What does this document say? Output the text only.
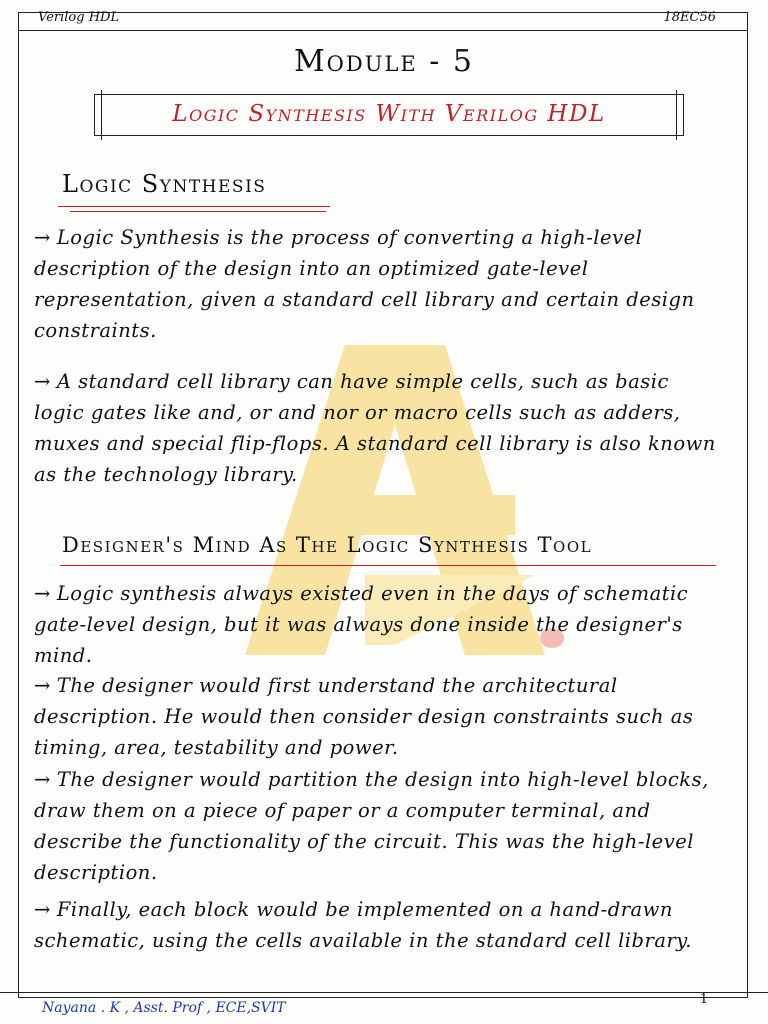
Verilog HDL	18EC56
Module - 5
Logic Synthesis With Verilog HDL
Logic Synthesis
→ Logic Synthesis is the process of converting a high-level description of the design into an optimized gate-level representation, given a standard cell library and certain design constraints.
→ A standard cell library can have simple cells, such as basic logic gates like and, or and nor or macro cells such as adders, muxes and special flip-flops. A standard cell library is also known as the technology library.
Designer's Mind As The Logic Synthesis Tool
→ Logic synthesis always existed even in the days of schematic gate-level design, but it was always done inside the designer's mind.
→ The designer would first understand the architectural description. He would then consider design constraints such as timing, area, testability and power.
→ The designer would partition the design into high-level blocks, draw them on a piece of paper or a computer terminal, and describe the functionality of the circuit. This was the high-level description.
→ Finally, each block would be implemented on a hand-drawn schematic, using the cells available in the standard cell library.
Nayana . K , Asst. Prof , ECE,SVIT
1
